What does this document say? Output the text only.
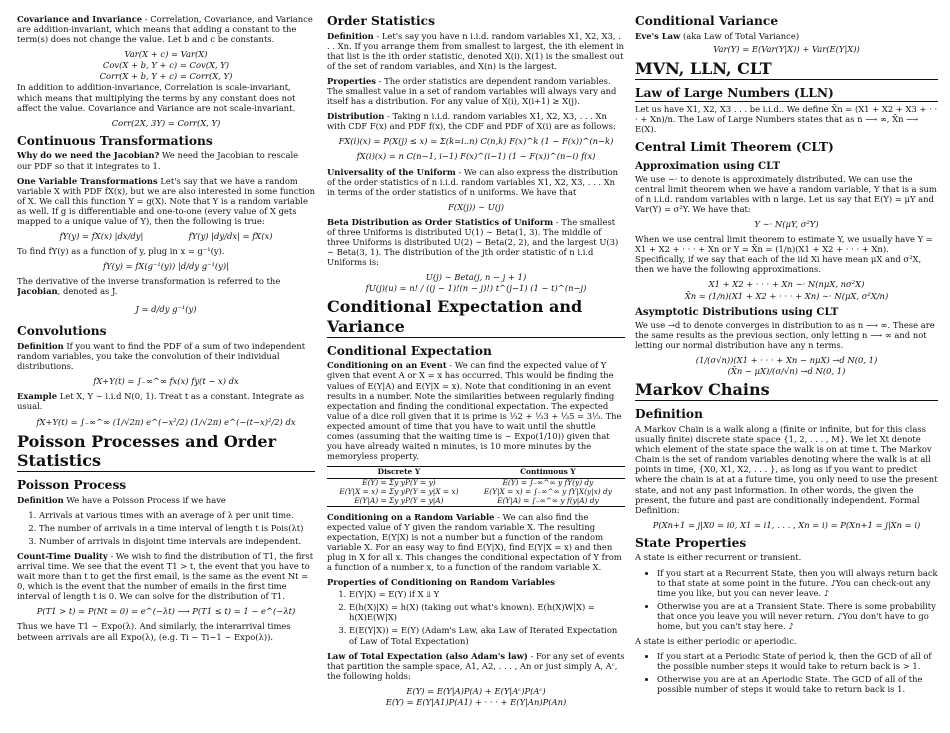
Covariance and Invariance - Correlation, Covariance, and Variance are addition-invariant, which means that adding a constant to the term(s) does not change the value. Let b and c be constants.

Var(X + c) = Var(X)
Cov(X + b, Y + c) = Cov(X, Y)
Corr(X + b, Y + c) = Corr(X, Y)

In addition to addition-invariance, Correlation is scale-invariant, which means that multiplying the terms by any constant does not affect the value. Covariance and Variance are not scale-invariant.

Corr(2X, 3Y) = Corr(X, Y)
Continuous Transformations

Why do we need the Jacobian? We need the Jacobian to rescale our PDF so that it integrates to 1.

One Variable Transformations Let's say that we have a random variable X with PDF fX(x), but we are also interested in some function of X. We call this function Y = g(X). Note that Y is a random variable as well. If g is differentiable and one-to-one (every value of X gets mapped to a unique value of Y), then the following is true:

fY(y) = fX(x) |dx/dy|	fY(y) |dy/dx| = fX(x)

To find fY(y) as a function of y, plug in x = g⁻¹(y).

fY(y) = fX(g⁻¹(y)) |d/dy g⁻¹(y)|

The derivative of the inverse transformation is referred to the Jacobian, denoted as J.

J = d/dy g⁻¹(y)
Convolutions

Definition If you want to find the PDF of a sum of two independent random variables, you take the convolution of their individual distributions.

fX+Y(t) = ∫₋∞^∞ fx(x) fy(t − x) dx

Example Let X, Y ∼ i.i.d N(0, 1). Treat t as a constant. Integrate as usual.

fX+Y(t) = ∫₋∞^∞ (1/√2π) e^(−x²/2) (1/√2π) e^(−(t−x)²/2) dx
Poisson Processes and Order Statistics
Poisson Process

Definition We have a Poisson Process if we have

1. Arrivals at various times with an average of λ per unit time.
2. The number of arrivals in a time interval of length t is Pois(λt)
3. Number of arrivals in disjoint time intervals are independent.

Count-Time Duality - We wish to find the distribution of T1, the first arrival time. We see that the event T1 > t, the event that you have to wait more than t to get the first email, is the same as the event Nt = 0, which is the event that the number of emails in the first time interval of length t is 0. We can solve for the distribution of T1.

P(T1 > t) = P(Nt = 0) = e^(−λt) ⟶ P(T1 ≤ t) = 1 − e^(−λt)

Thus we have T1 ∼ Expo(λ). And similarly, the interarrival times between arrivals are all Expo(λ), (e.g. Ti − Ti−1 ∼ Expo(λ)).

Order Statistics

Definition - Let's say you have n i.i.d. random variables X1, X2, X3, . . . Xn. If you arrange them from smallest to largest, the ith element in that list is the ith order statistic, denoted X(i). X(1) is the smallest out of the set of random variables, and X(n) is the largest.

Properties - The order statistics are dependent random variables. The smallest value in a set of random variables will always vary and itself has a distribution. For any value of X(i), X(i+1) ≥ X(j).

Distribution - Taking n i.i.d. random variables X1, X2, X3, . . . Xn with CDF F(x) and PDF f(x), the CDF and PDF of X(i) are as follows:

FX(i)(x) = P(X(j) ≤ x) = Σ(k=i..n) C(n,k) F(x)^k (1 − F(x))^(n−k)
fX(i)(x) = n C(n−1, i−1) F(x)^(i−1) (1 − F(x))^(n−i) f(x)

Universality of the Uniform - We can also express the distribution of the order statistics of n i.i.d. random variables X1, X2, X3, . . . Xn in terms of the order statistics of n uniforms. We have that

F(X(j)) ∼ U(j)

Beta Distribution as Order Statistics of Uniform - The smallest of three Uniforms is distributed U(1) ∼ Beta(1, 3). The middle of three Uniforms is distributed U(2) ∼ Beta(2, 2), and the largest U(3) ∼ Beta(3, 1). The distribution of the jth order statistic of n i.i.d Uniforms is:

U(j) ∼ Beta(j, n − j + 1)
fU(j)(u) = n! / ((j − 1)!(n − j)!) t^(j−1) (1 − t)^(n−j)
Conditional Expectation and Variance
Conditional Expectation

Conditioning on an Event - We can find the expected value of Y given that event A or X = x has occurred. This would be finding the values of E(Y|A) and E(Y|X = x). Note that conditioning in an event results in a number. Note the similarities between regularly finding expectation and finding the conditional expectation. The expected value of a dice roll given that it is prime is ⅓2 + ⅓3 + ⅓5 = 3⅓. The expected amount of time that you have to wait until the shuttle comes (assuming that the waiting time is ∼ Expo(1/10)) given that you have already waited n minutes, is 10 more minutes by the memoryless property.

Discrete Y	Continuous Y
E(Y) = Σy yP(Y = y)	E(Y) = ∫₋∞^∞ y fY(y) dy
E(Y|X = x) = Σy yP(Y = y|X = x)	E(Y|X = x) = ∫₋∞^∞ y fY|X(y|x) dy
E(Y|A) = Σy yP(Y = y|A)	E(Y|A) = ∫₋∞^∞ y f(y|A) dy

Conditioning on a Random Variable - We can also find the expected value of Y given the random variable X. The resulting expectation, E(Y|X) is not a number but a function of the random variable X. For an easy way to find E(Y|X), find E(Y|X = x) and then plug in X for all x. This changes the conditional expectation of Y from a function of a number x, to a function of the random variable X.

Properties of Conditioning on Random Variables

1. E(Y|X) = E(Y) if X ⫫ Y
2. E(h(X)|X) = h(X) (taking out what's known). E(h(X)W|X) = h(X)E(W|X)
3. E(E(Y|X)) = E(Y) (Adam's Law, aka Law of Iterated Expectation of Law of Total Expectation)

Law of Total Expectation (also Adam's law) - For any set of events that partition the sample space, A1, A2, . . . , An or just simply A, Aᶜ, the following holds:

E(Y) = E(Y|A)P(A) + E(Y|Aᶜ)P(Aᶜ)
E(Y) = E(Y|A1)P(A1) + · · · + E(Y|An)P(An)
Conditional Variance

Eve's Law (aka Law of Total Variance)

Var(Y) = E(Var(Y|X)) + Var(E(Y|X))
MVN, LLN, CLT
Law of Large Numbers (LLN)

Let us have X1, X2, X3 . . . be i.i.d.. We define X̄n = (X1 + X2 + X3 + · · · + Xn)/n. The Law of Large Numbers states that as n ⟶ ∞, X̄n ⟶ E(X).

Central Limit Theorem (CLT)
Approximation using CLT

We use ∼· to denote is approximately distributed. We can use the central limit theorem when we have a random variable, Y that is a sum of n i.i.d. random variables with n large. Let us say that E(Y) = μY and Var(Y) = σ²Y. We have that:

Y ∼· N(μY, σ²Y)

When we use central limit theorem to estimate Y, we usually have Y = X1 + X2 + · · · + Xn or Y = X̄n = (1/n)(X1 + X2 + · · · + Xn). Specifically, if we say that each of the iid Xi have mean μX and σ²X, then we have the following approximations.

X1 + X2 + · · · + Xn ∼· N(nμX, nσ²X)
X̄n = (1/n)(X1 + X2 + · · · + Xn) ∼· N(μX, σ²X/n)
Asymptotic Distributions using CLT

We use →d to denote converges in distribution to as n ⟶ ∞. These are the same results as the previous section, only letting n ⟶ ∞ and not letting our normal distribution have any n terms.

(1/(σ√n))(X1 + · · · + Xn − nμX) →d N(0, 1)
(X̄n − μX)/(σ/√n) →d N(0, 1)
Markov Chains
Definition

A Markov Chain is a walk along a (finite or infinite, but for this class usually finite) discrete state space {1, 2, . . . , M}. We let Xt denote which element of the state space the walk is on at time t. The Markov Chain is the set of random variables denoting where the walk is at all points in time, {X0, X1, X2, . . . }, as long as if you want to predict where the chain is at at a future time, you only need to use the present state, and not any past information. In other words, the given the present, the future and past are conditionally independent. Formal Definition:

P(Xn+1 = j|X0 = i0, X1 = i1, . . . , Xn = i) = P(Xn+1 = j|Xn = i)
State Properties

A state is either recurrent or transient.

• If you start at a Recurrent State, then you will always return back to that state at some point in the future. ♪You can check-out any time you like, but you can never leave. ♪
• Otherwise you are at a Transient State. There is some probability that once you leave you will never return. ♪You don't have to go home, but you can't stay here. ♪

A state is either periodic or aperiodic.

• If you start at a Periodic State of period k, then the GCD of all of the possible number steps it would take to return back is > 1.
• Otherwise you are at an Aperiodic State. The GCD of all of the possible number of steps it would take to return back is 1.
